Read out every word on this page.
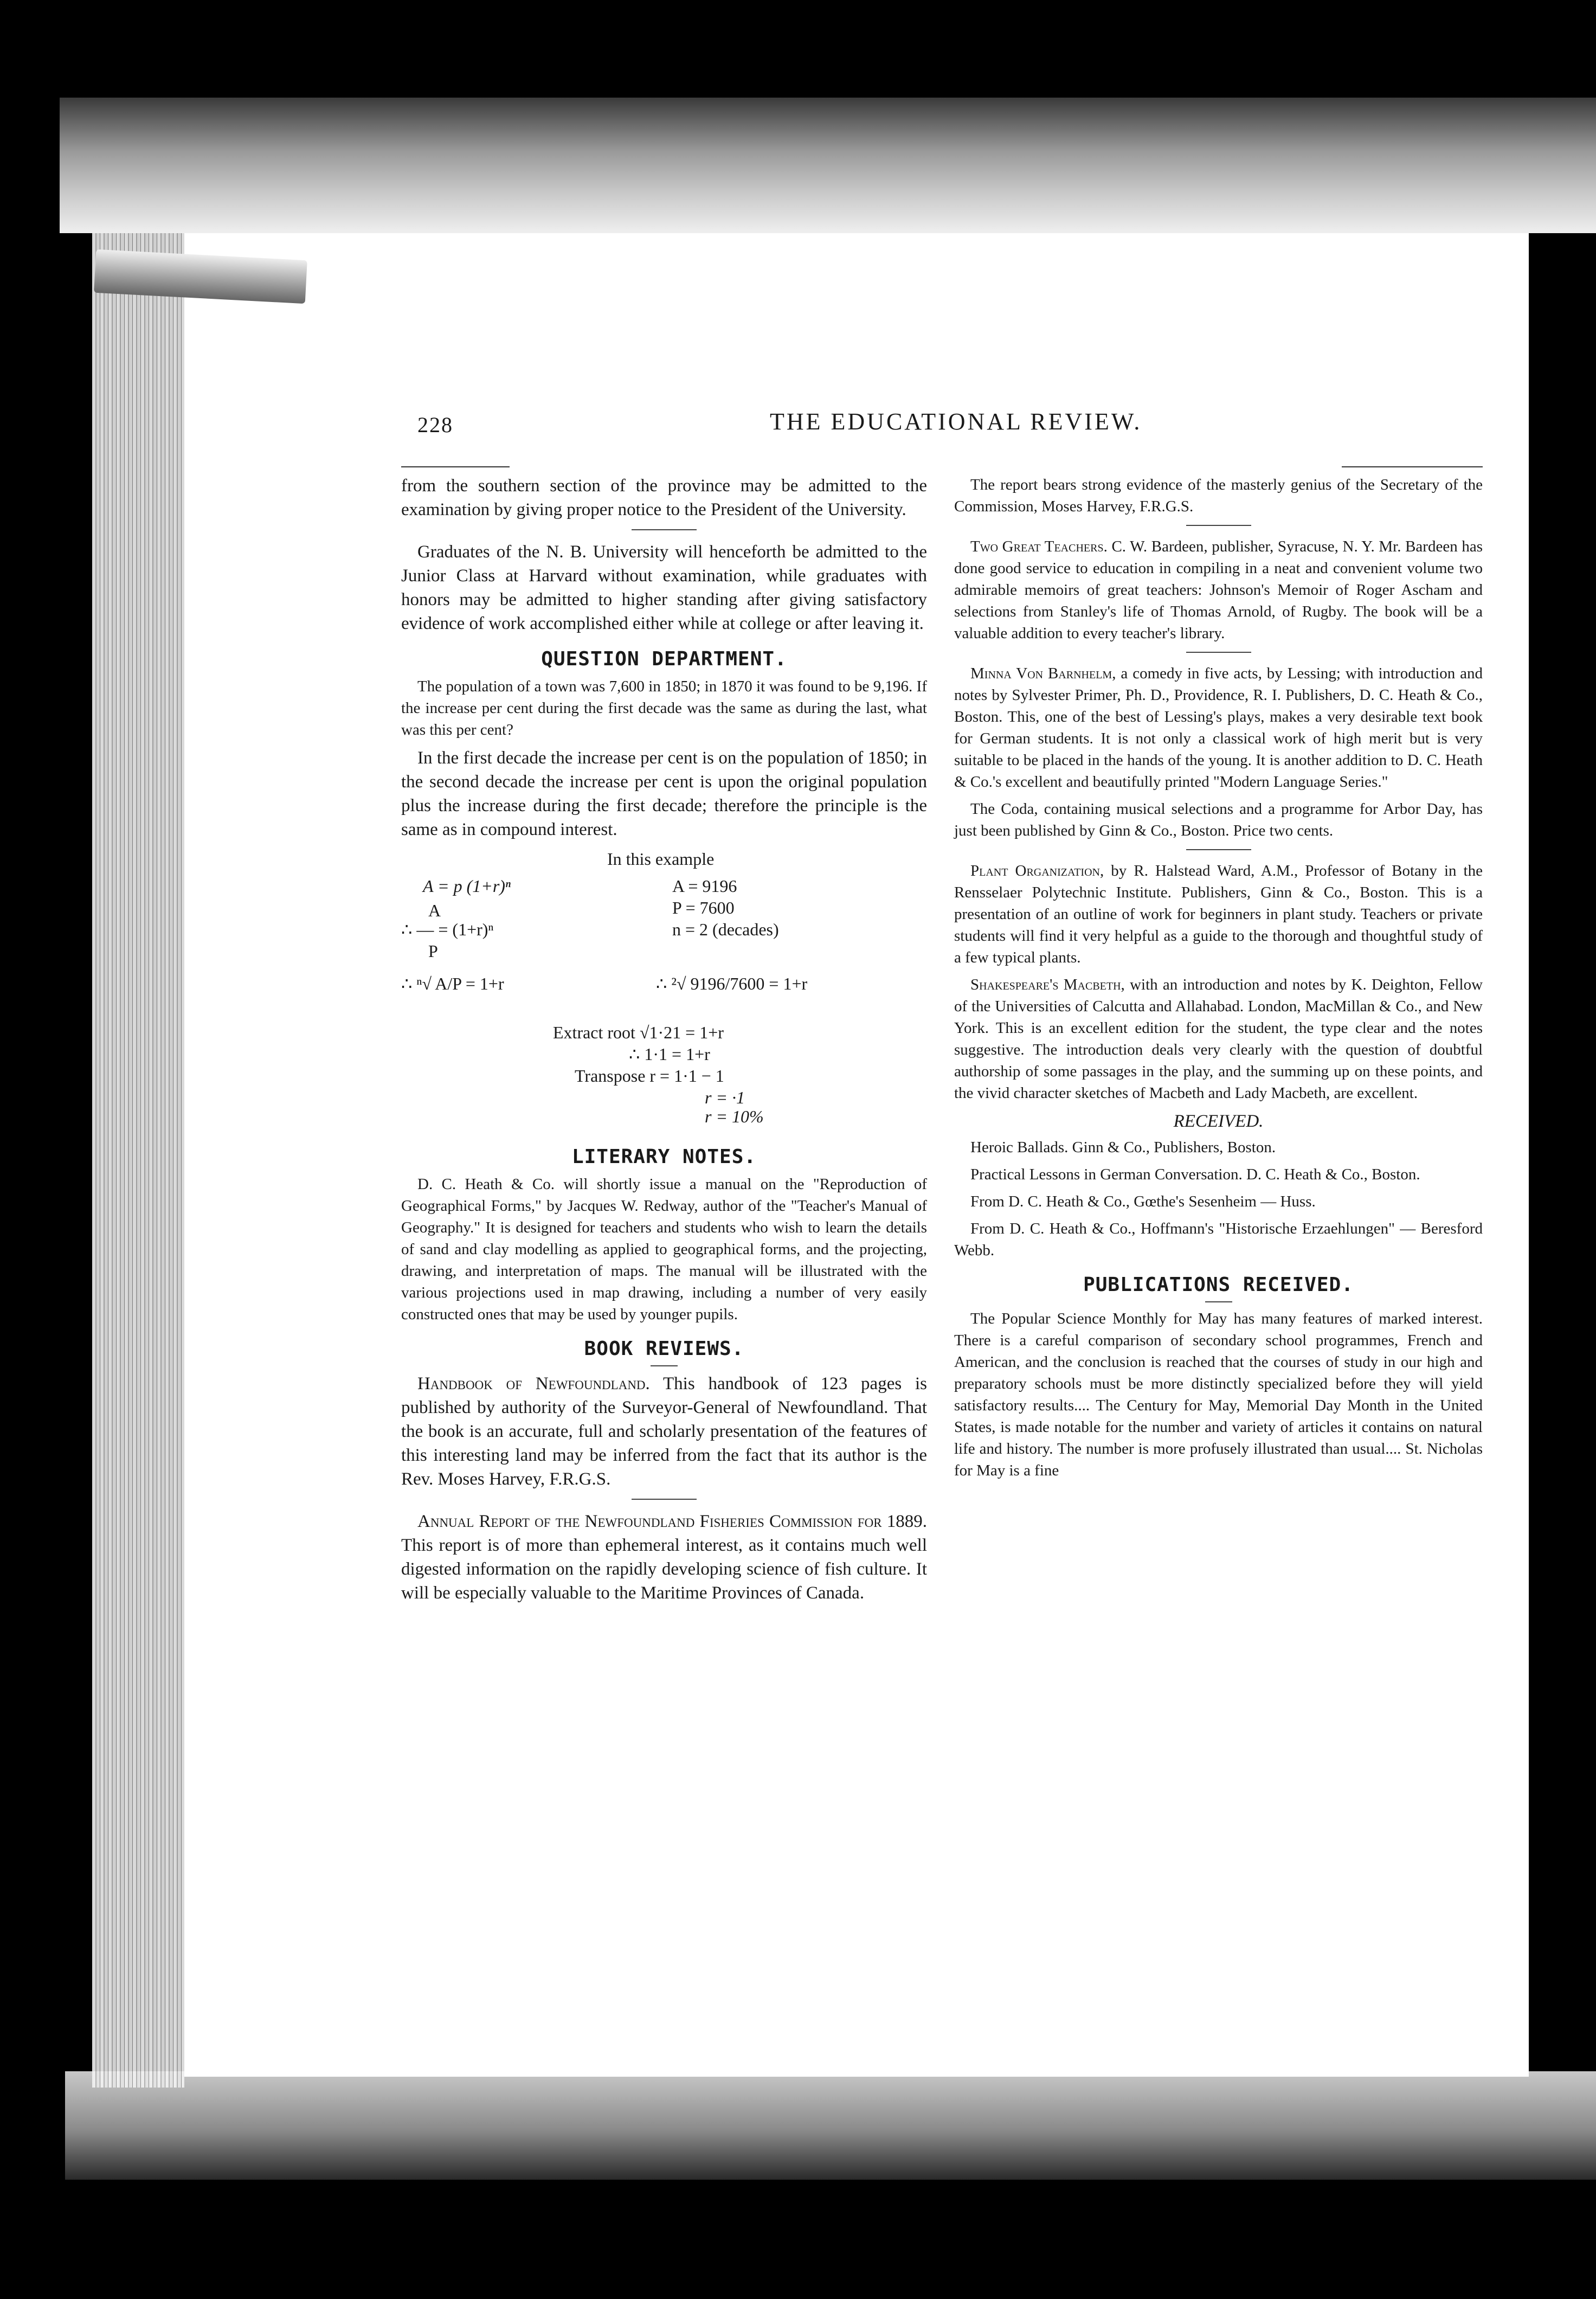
228	THE EDUCATIONAL REVIEW.

from the southern section of the province may be admitted to the examination by giving proper notice to the President of the University.

Graduates of the N. B. University will henceforth be admitted to the Junior Class at Harvard without examination, while graduates with honors may be admitted to higher standing after giving satisfactory evidence of work accomplished either while at college or after leaving it.

QUESTION DEPARTMENT.

The population of a town was 7,600 in 1850; in 1870 it was found to be 9,196. If the increase per cent during the first decade was the same as during the last, what was this per cent?

In the first decade the increase per cent is on the population of 1850; in the second decade the increase per cent is upon the original population plus the increase during the first decade; therefore the principle is the same as in compound interest.

In this example
A = p (1+r)ⁿ
A
∴ — = (1+r)ⁿ
P
∴ ⁿ√ A/P = 1+r
A = 9196
P = 7600
n = 2 (decades)
∴ ²√ 9196/7600 = 1+r
Extract root √1·21 = 1+r
∴ 1·1 = 1+r
Transpose r = 1·1 − 1
r = ·1
r = 10%
LITERARY NOTES.

D. C. Heath & Co. will shortly issue a manual on the "Reproduction of Geographical Forms," by Jacques W. Redway, author of the "Teacher's Manual of Geography." It is designed for teachers and students who wish to learn the details of sand and clay modelling as applied to geographical forms, and the projecting, drawing, and interpretation of maps. The manual will be illustrated with the various projections used in map drawing, including a number of very easily constructed ones that may be used by younger pupils.

BOOK REVIEWS.

Handbook of Newfoundland. This handbook of 123 pages is published by authority of the Surveyor-General of Newfoundland. That the book is an accurate, full and scholarly presentation of the features of this interesting land may be inferred from the fact that its author is the Rev. Moses Harvey, F.R.G.S.

Annual Report of the Newfoundland Fisheries Commission for 1889. This report is of more than ephemeral interest, as it contains much well digested information on the rapidly developing science of fish culture. It will be especially valuable to the Maritime Provinces of Canada.

The report bears strong evidence of the masterly genius of the Secretary of the Commission, Moses Harvey, F.R.G.S.

Two Great Teachers. C. W. Bardeen, publisher, Syracuse, N. Y. Mr. Bardeen has done good service to education in compiling in a neat and convenient volume two admirable memoirs of great teachers: Johnson's Memoir of Roger Ascham and selections from Stanley's life of Thomas Arnold, of Rugby. The book will be a valuable addition to every teacher's library.

Minna Von Barnhelm, a comedy in five acts, by Lessing; with introduction and notes by Sylvester Primer, Ph. D., Providence, R. I. Publishers, D. C. Heath & Co., Boston. This, one of the best of Lessing's plays, makes a very desirable text book for German students. It is not only a classical work of high merit but is very suitable to be placed in the hands of the young. It is another addition to D. C. Heath & Co.'s excellent and beautifully printed "Modern Language Series."

The Coda, containing musical selections and a programme for Arbor Day, has just been published by Ginn & Co., Boston. Price two cents.

Plant Organization, by R. Halstead Ward, A.M., Professor of Botany in the Rensselaer Polytechnic Institute. Publishers, Ginn & Co., Boston. This is a presentation of an outline of work for beginners in plant study. Teachers or private students will find it very helpful as a guide to the thorough and thoughtful study of a few typical plants.

Shakespeare's Macbeth, with an introduction and notes by K. Deighton, Fellow of the Universities of Calcutta and Allahabad. London, MacMillan & Co., and New York. This is an excellent edition for the student, the type clear and the notes suggestive. The introduction deals very clearly with the question of doubtful authorship of some passages in the play, and the summing up on these points, and the vivid character sketches of Macbeth and Lady Macbeth, are excellent.

RECEIVED.

Heroic Ballads. Ginn & Co., Publishers, Boston.

Practical Lessons in German Conversation. D. C. Heath & Co., Boston.

From D. C. Heath & Co., Gœthe's Sesenheim — Huss.

From D. C. Heath & Co., Hoffmann's "Historische Erzaehlungen" — Beresford Webb.

PUBLICATIONS RECEIVED.

The Popular Science Monthly for May has many features of marked interest. There is a careful comparison of secondary school programmes, French and American, and the conclusion is reached that the courses of study in our high and preparatory schools must be more distinctly specialized before they will yield satisfactory results.... The Century for May, Memorial Day Month in the United States, is made notable for the number and variety of articles it contains on natural life and history. The number is more profusely illustrated than usual.... St. Nicholas for May is a fine
